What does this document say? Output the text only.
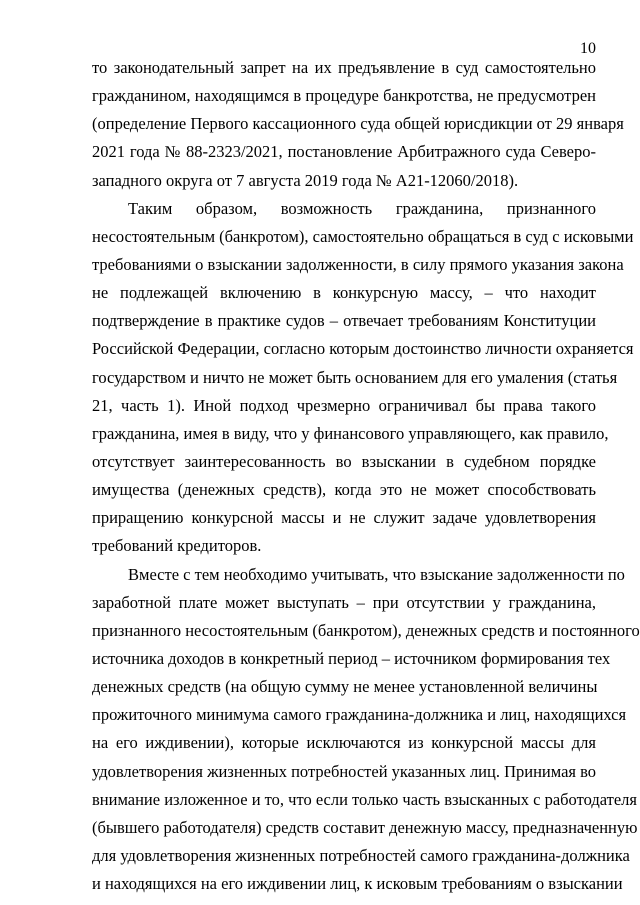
10
то законодательный запрет на их предъявление в суд самостоятельно
гражданином, находящимся в процедуре банкротства, не предусмотрен
(определение Первого кассационного суда общей юрисдикции от 29 января
2021 года № 88-2323/2021, постановление Арбитражного суда Северо-
западного округа от 7 августа 2019 года № А21-12060/2018).
Таким образом, возможность гражданина, признанного
несостоятельным (банкротом), самостоятельно обращаться в суд с исковыми
требованиями о взыскании задолженности, в силу прямого указания закона
не подлежащей включению в конкурсную массу, – что находит
подтверждение в практике судов – отвечает требованиям Конституции
Российской Федерации, согласно которым достоинство личности охраняется
государством и ничто не может быть основанием для его умаления (статья
21, часть 1). Иной подход чрезмерно ограничивал бы права такого
гражданина, имея в виду, что у финансового управляющего, как правило,
отсутствует заинтересованность во взыскании в судебном порядке
имущества (денежных средств), когда это не может способствовать
приращению конкурсной массы и не служит задаче удовлетворения
требований кредиторов.
Вместе с тем необходимо учитывать, что взыскание задолженности по
заработной плате может выступать – при отсутствии у гражданина,
признанного несостоятельным (банкротом), денежных средств и постоянного
источника доходов в конкретный период – источником формирования тех
денежных средств (на общую сумму не менее установленной величины
прожиточного минимума самого гражданина-должника и лиц, находящихся
на его иждивении), которые исключаются из конкурсной массы для
удовлетворения жизненных потребностей указанных лиц. Принимая во
внимание изложенное и то, что если только часть взысканных с работодателя
(бывшего работодателя) средств составит денежную массу, предназначенную
для удовлетворения жизненных потребностей самого гражданина-должника
и находящихся на его иждивении лиц, к исковым требованиям о взыскании
